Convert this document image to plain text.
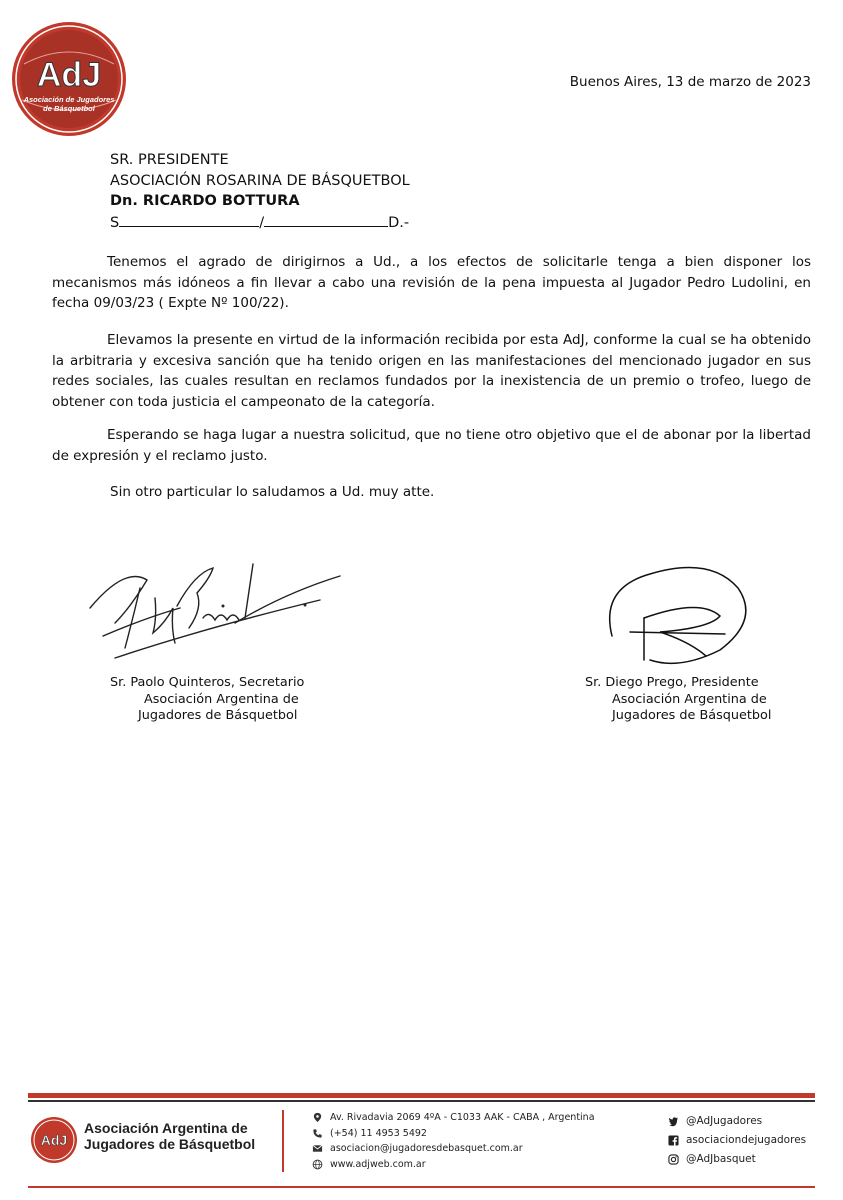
AdJ
Asociación de Jugadores
de Básquetbol
Buenos Aires, 13 de marzo de 2023
SR. PRESIDENTE
ASOCIACIÓN ROSARINA DE BÁSQUETBOL
Dn. RICARDO BOTTURA
S	/	D.-

Tenemos el agrado de dirigirnos a Ud., a los efectos de solicitarle tenga a bien disponer los mecanismos más idóneos a fin llevar a cabo una revisión de la pena impuesta al Jugador Pedro Ludolini, en fecha 09/03/23 ( Expte Nº 100/22).

Elevamos la presente en virtud de la información recibida por esta AdJ, conforme la cual se ha obtenido la arbitraria y excesiva sanción que ha tenido origen en las manifestaciones del mencionado jugador en sus redes sociales, las cuales resultan en reclamos fundados por la inexistencia de un premio o trofeo, luego de obtener con toda justicia el campeonato de la categoría.

Esperando se haga lugar a nuestra solicitud, que no tiene otro objetivo que el de abonar por la libertad de expresión y el reclamo justo.

Sin otro particular lo saludamos a Ud. muy atte.
Sr. Paolo Quinteros, Secretario
Asociación Argentina de
Jugadores de Básquetbol
Sr. Diego Prego, Presidente
Asociación Argentina de
Jugadores de Básquetbol
AdJ
Asociación Argentina de
Jugadores de Básquetbol
Av. Rivadavia 2069 4ºA - C1033 AAK - CABA , Argentina
(+54) 11 4953 5492
asociacion@jugadoresdebasquet.com.ar
www.adjweb.com.ar
@AdJugadores
asociaciondejugadores
@AdJbasquet
